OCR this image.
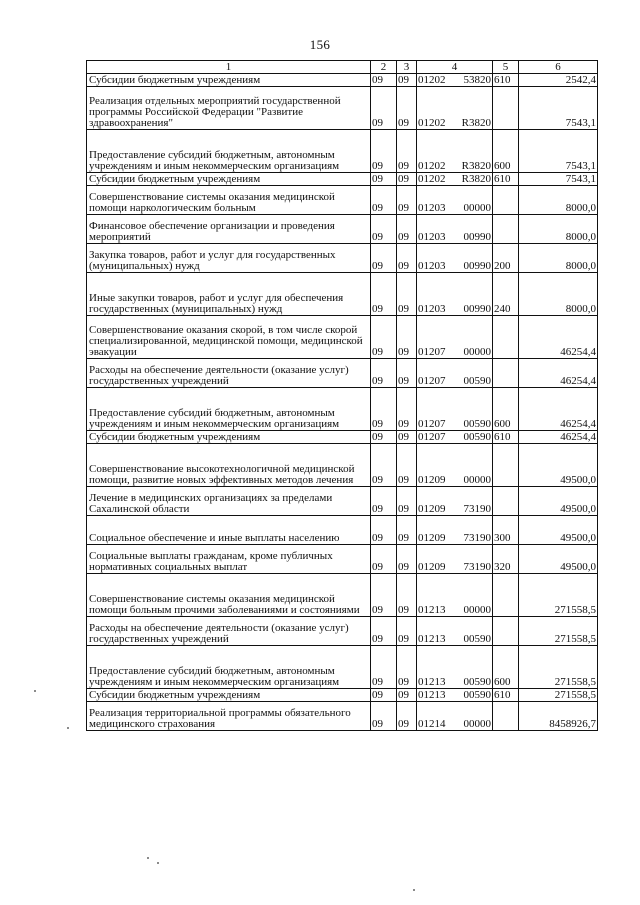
156
1	2	3	4	5	6
Субсидии бюджетным учреждениям	09	09	01202 53820	610	2542,4
Реализация отдельных мероприятий государственной программы Российской Федерации "Развитие здравоохранения"	09	09	01202 R3820		7543,1
Предоставление субсидий бюджетным, автономным учреждениям и иным некоммерческим организациям	09	09	01202 R3820	600	7543,1
Субсидии бюджетным учреждениям	09	09	01202 R3820	610	7543,1
Совершенствование системы оказания медицинской помощи наркологическим больным	09	09	01203 00000		8000,0
Финансовое обеспечение организации и проведения мероприятий	09	09	01203 00990		8000,0
Закупка товаров, работ и услуг для государственных (муниципальных) нужд	09	09	01203 00990	200	8000,0
Иные закупки товаров, работ и услуг для обеспечения государственных (муниципальных) нужд	09	09	01203 00990	240	8000,0
Совершенствование оказания скорой, в том числе скорой специализированной, медицинской помощи, медицинской эвакуации	09	09	01207 00000		46254,4
Расходы на обеспечение деятельности (оказание услуг) государственных учреждений	09	09	01207 00590		46254,4
Предоставление субсидий бюджетным, автономным учреждениям и иным некоммерческим организациям	09	09	01207 00590	600	46254,4
Субсидии бюджетным учреждениям	09	09	01207 00590	610	46254,4
Совершенствование высокотехнологичной медицинской помощи, развитие новых эффективных методов лечения	09	09	01209 00000		49500,0
Лечение в медицинских организациях за пределами Сахалинской области	09	09	01209 73190		49500,0
Социальное обеспечение и иные выплаты населению	09	09	01209 73190	300	49500,0
Социальные выплаты гражданам, кроме публичных нормативных социальных выплат	09	09	01209 73190	320	49500,0
Совершенствование системы оказания медицинской помощи больным прочими заболеваниями и состояниями	09	09	01213 00000		271558,5
Расходы на обеспечение деятельности (оказание услуг) государственных учреждений	09	09	01213 00590		271558,5
Предоставление субсидий бюджетным, автономным учреждениям и иным некоммерческим организациям	09	09	01213 00590	600	271558,5
Субсидии бюджетным учреждениям	09	09	01213 00590	610	271558,5
Реализация территориальной программы обязательного медицинского страхования	09	09	01214 00000		8458926,7
